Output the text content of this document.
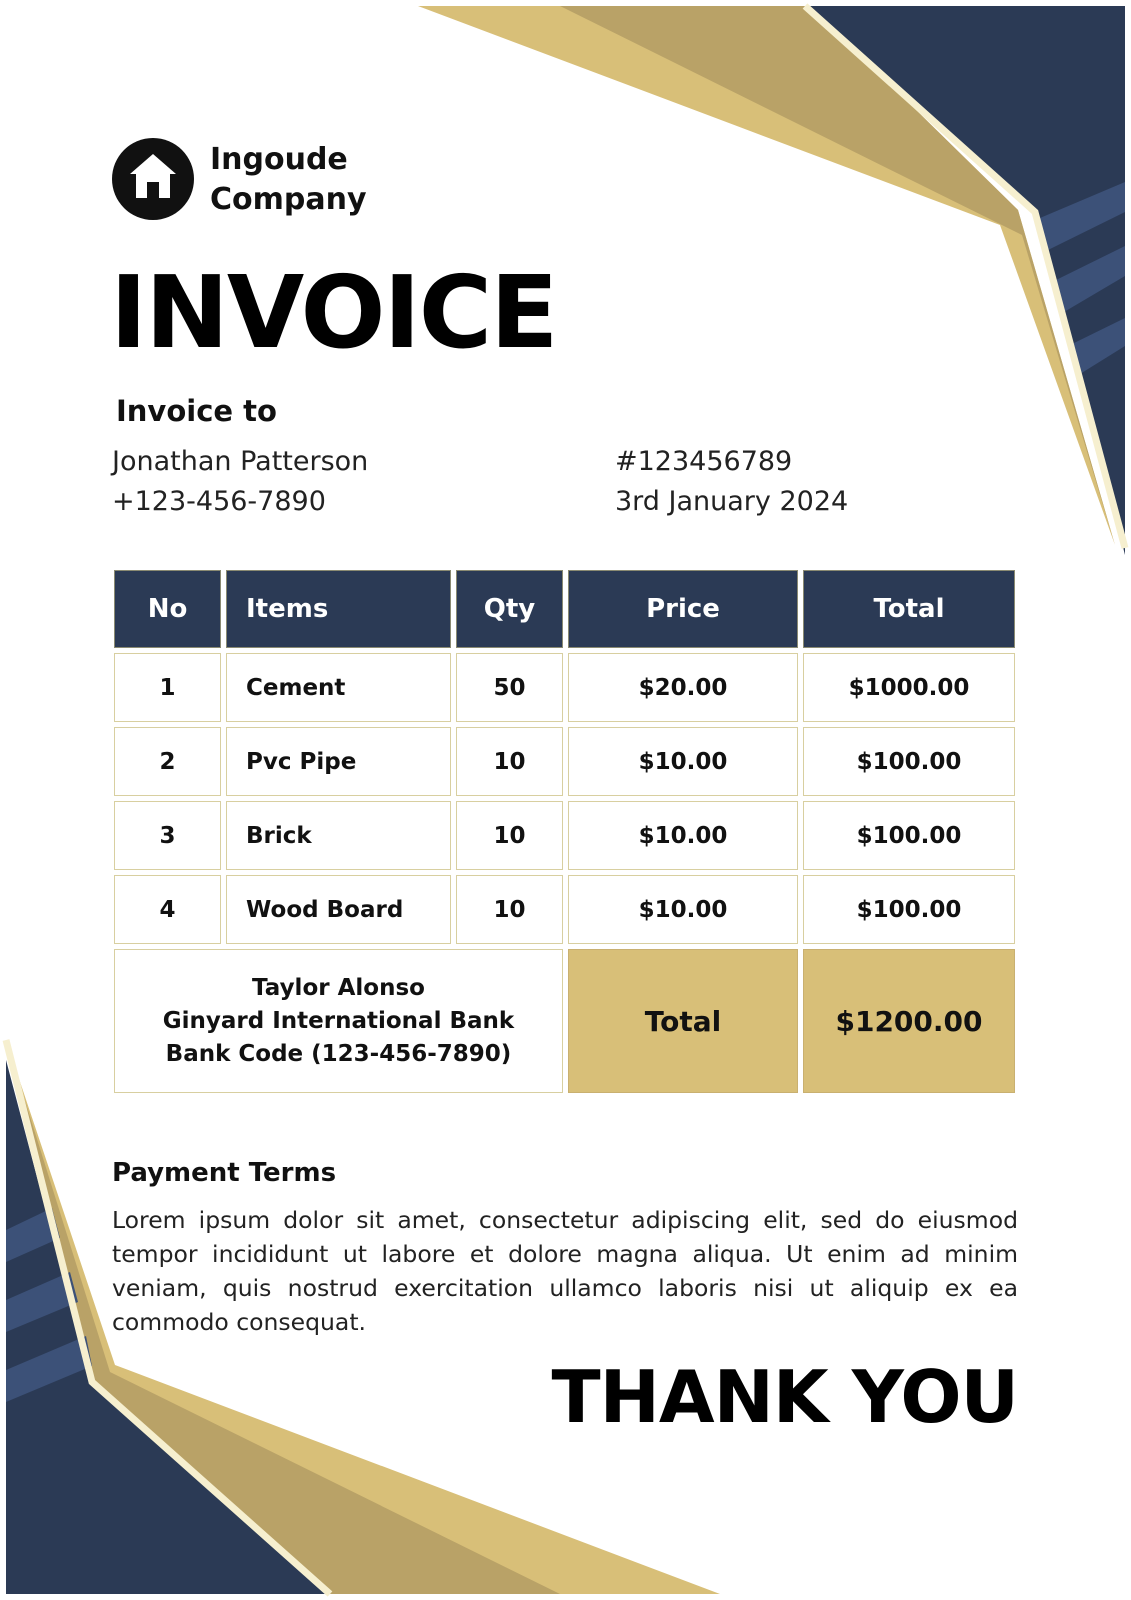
Ingoude
Company
INVOICE
Invoice to
Jonathan Patterson
+123-456-7890
#123456789
3rd January 2024
No	Items	Qty	Price	Total
1	Cement	50	$20.00	$1000.00
2	Pvc Pipe	10	$10.00	$100.00
3	Brick	10	$10.00	$100.00
4	Wood Board	10	$10.00	$100.00

Taylor Alonso
Ginyard International Bank
Bank Code (123-456-7890)			Total	$1200.00
Payment Terms
Lorem ipsum dolor sit amet, consectetur adipiscing elit, sed do eiusmod tempor incididunt ut labore et dolore magna aliqua. Ut enim ad minim veniam, quis nostrud exercitation ullamco laboris nisi ut aliquip ex ea commodo consequat.
THANK YOU
